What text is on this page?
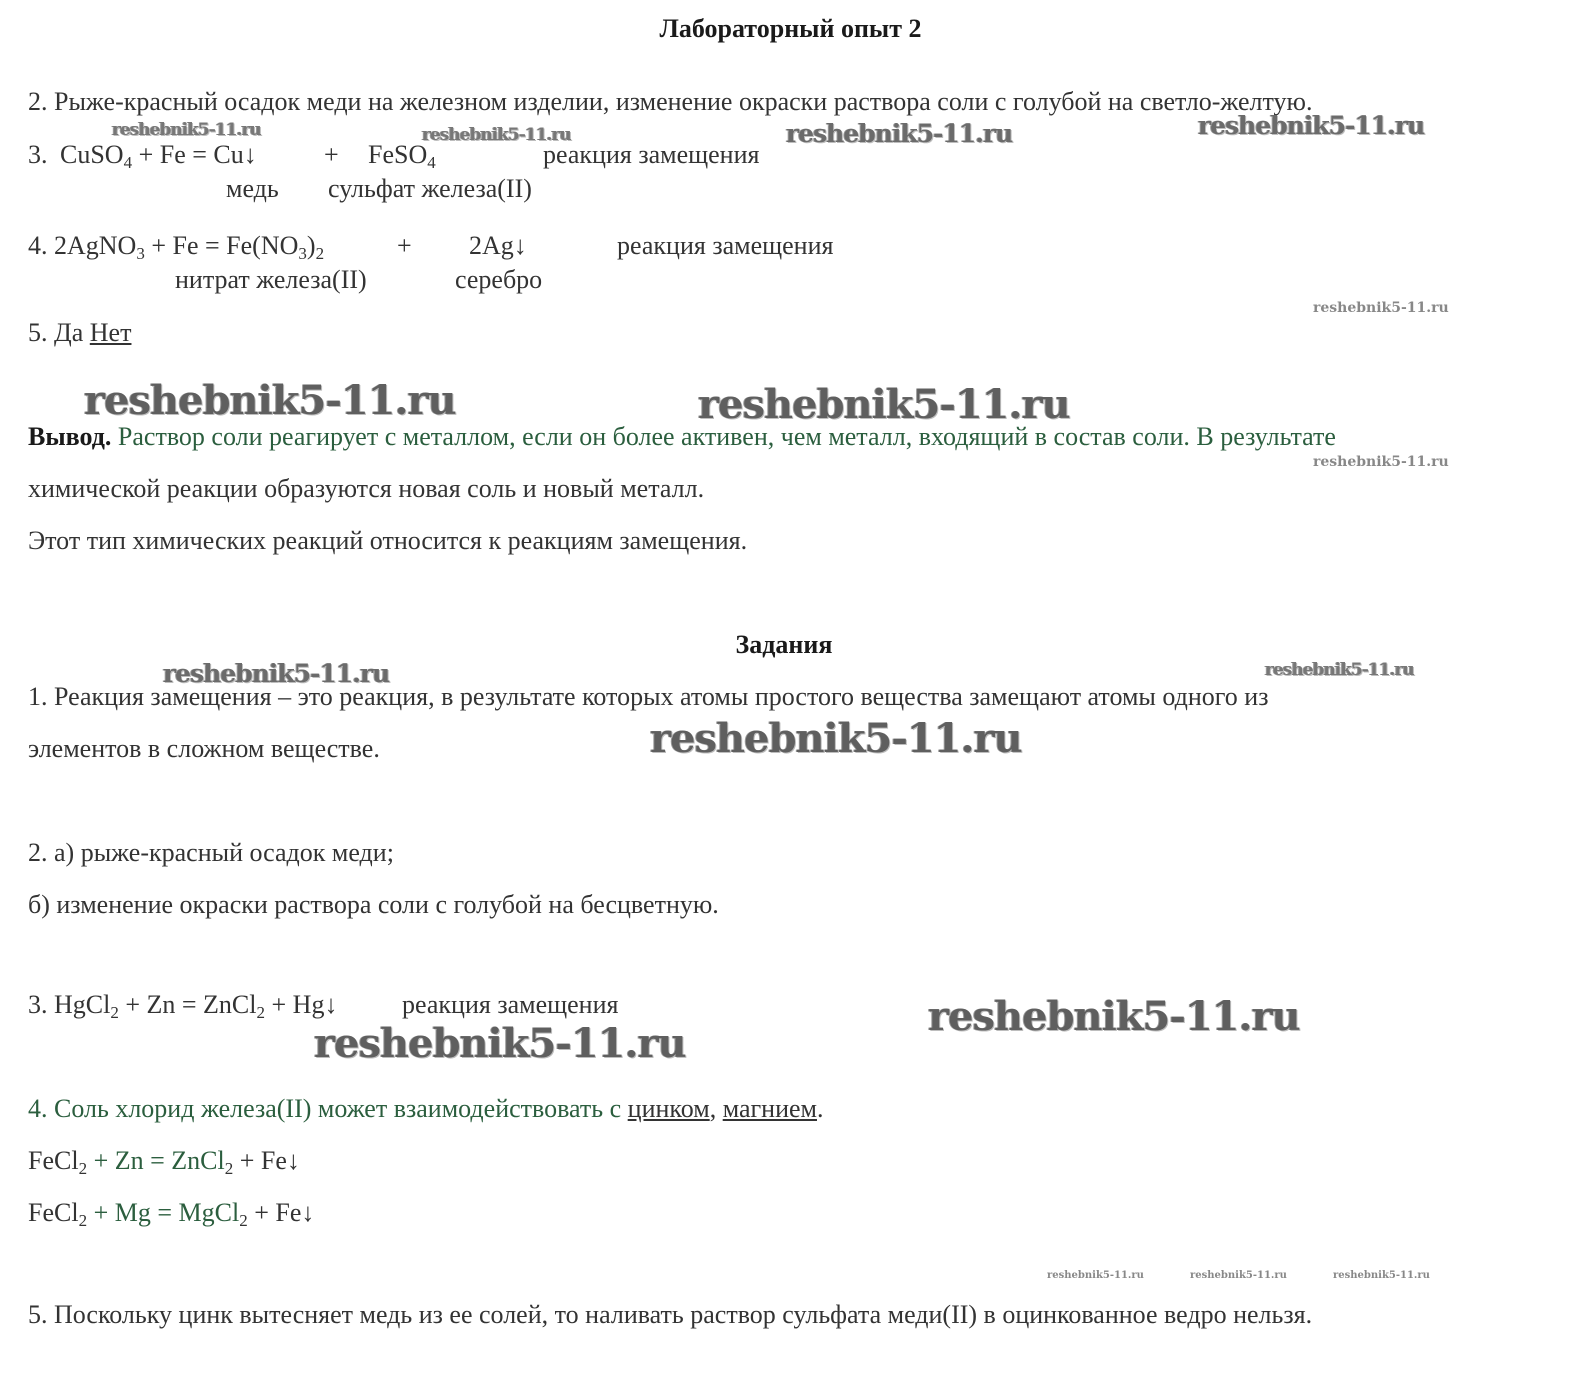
Лабораторный опыт 2
2. Рыже-красный осадок меди на железном изделии, изменение окраски раствора соли с голубой на светло-желтую.
3. CuSO$_4$ + Fe = Cu↓	+ FeSO$_4$	реакция замещения
медь сульфат железа(II)
4. 2AgNO$_3$ + $Fe = Fe(NO_3)_2$	+ 2Ag↓	реакция замещения
нитрат железа(II)	серебро
5. Да Нет
Вывод. Раствор соли реагирует с металлом, если он более активен, чем металл, входящий в состав соли. В результате
химической реакции образуются новая соль и новый металл.
Этот тип химических реакций относится к реакциям замещения.
Задания
1. Реакция замещения – это реакция, в результате которых атомы простого вещества замещают атомы одного из
элементов в сложном веществе.
2. а) рыже-красный осадок меди;
б) изменение окраски раствора соли с голубой на бесцветную.
3. HgCl$_2$ + Zn = ZnCl$_2$ + Hg↓ реакция замещения
4. Соль хлорид железа(II) может взаимодействовать с цинком, магнием.
FeCl$_2$ + Zn = ZnCl$_2$ + Fe↓
FeCl$_2$ + Mg = MgCl$_2$ + Fe↓
5. Поскольку цинк вытесняет медь из ее солей, то наливать раствор сульфата меди(II) в оцинкованное ведро нельзя.
reshebnik5-11.ru	reshebnik5-11.ru	reshebnik5-11.ru	reshebnik5-11.ru
reshebnik5-11.ru
reshebnik5-11.ru	reshebnik5-11.ru
reshebnik5-11.ru
reshebnik5-11.ru	reshebnik5-11.ru
reshebnik5-11.ru
reshebnik5-11.ru
reshebnik5-11.ru
reshebnik5-11.ru	reshebnik5-11.ru	reshebnik5-11.ru
